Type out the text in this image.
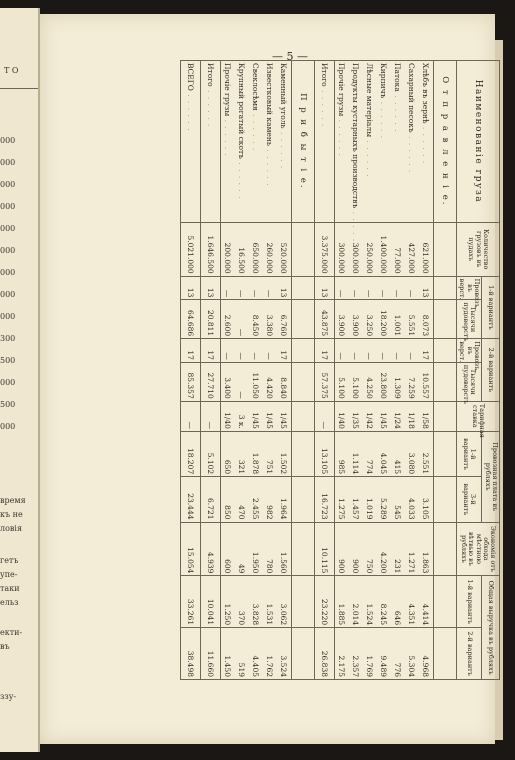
Т О
000
000
000
000
000
000
000
000
000
300
500
000
500
000
время
къ не
ловія
гетъ
упе-
таки
ельз
екти-
въ
ззу-
— 5 —
Наименованіе груза	Количество грузовъ въ пудахъ	1-й вариантъ		2-й вариантъ		Тарифная ставка	Провозная плата въ рубляхъ		Экономія отъ обхода мѣстною вѣтвью въ рубляхъ	Общая выручка въ рубляхъ	
		Провозъ въ верст.	Тысячи пудоверстъ	Провозъ въ верст.	Тысячи пудоверстъ		1-й вариантъ	3-й вариантъ		1-й вариантъ	2-й вариантъ
О т п р а в л е н і е.											
Хлѣбъ въ зернѣ . . . . . .	621.000	13	8.073	17	10.557	1/58	2.551	3.105	1.863	4.414	4.968
Сахарный песокъ . . . . . .	427.000	—	5.551	—	7.259	1/18	3.080	4.033	1.271	4.351	5.304
Патока . . . . . .	77.000	—	1.001	—	1.309	1/24	415	545	231	646	776
Кирпичъ . . . . . .	1.400.000	—	18.200	—	23.800	1/45	4.045	5.289	4.200	8.245	9.489
Лѣсные матеріалы . . . . . .	250.000	—	3.250	—	4.250	1/42	774	1.019	750	1.524	1.769
Продукты кустарныхъ производствъ . . . . . .	300.000	—	3.900	—	5.100	1/35	1.114	1.457	900	2.014	2.357
Прочіе грузы . . . . . .	300.000	—	3.900	—	5.100	1/40	985	1.275	900	1.885	2.175
Итого . . . . . .	3.375.000	13	43.875	17	57.375	—	13.105	16.723	10.115	23.220	26.838
П р и б ы т і е.											
Каменный уголь . . . . . .	520.000	13	6.760	17	8.840	1/45	1.502	1.964	1.560	3.062	3.524
Известковый камень . . . . . .	260.000	—	3.380	—	4.420	1/45	751	982	780	1.531	1.762
Свеклосѣмя . . . . . .	650.000	—	8.450	—	11.050	1/45	1.878	2.455	1.950	3.828	4.405
Крупный рогатый скотъ . . . . . .	16.500	—	—	—	—	3 к.	321	470	49	370	519
Прочіе грузы . . . . . .	200.000	—	2.600	—	3.400	1/40	650	850	600	1.250	1.450
Итого . . . . . .	1.646.500	13	20.811	17	27.710	—	5.102	6.721	4.939	10.041	11.660
ВСЕГО . . . . . .	5.021.000	13	64.686	17	85.357	—	18.207	23.444	15.054	33.261	38.498
